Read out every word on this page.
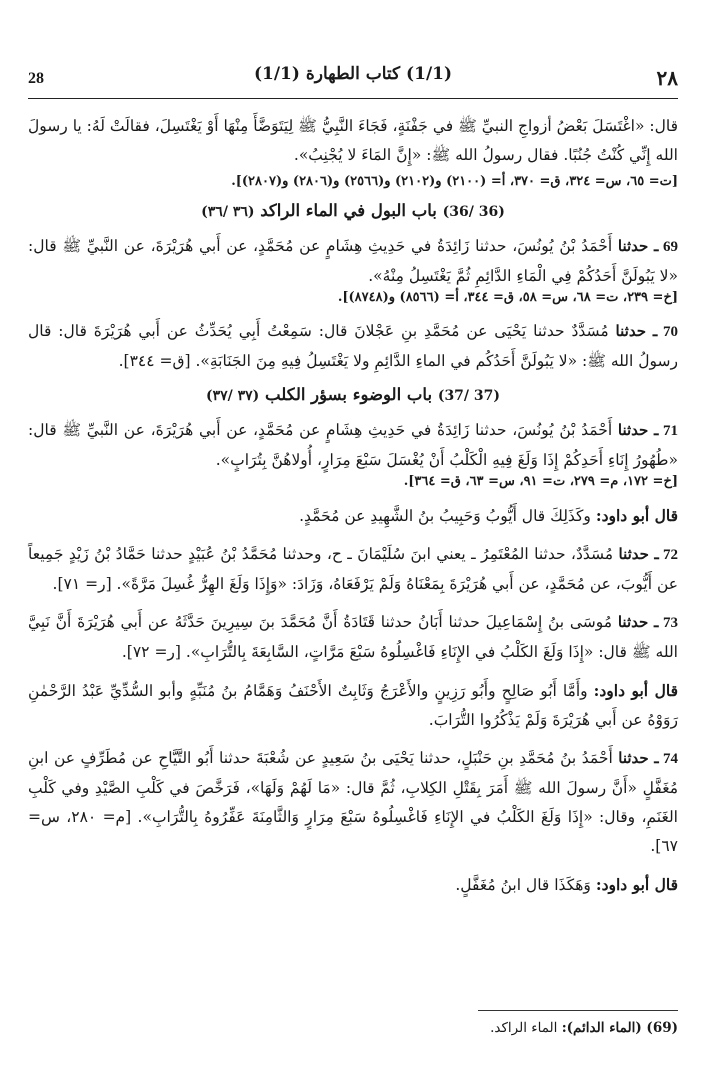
28	(1/1) كتاب الطهارة (1/1)	٢٨

قال: «اغْتَسَلَ بَعْضُ أزواجِ النبيِّ ﷺ في جَفْنَةٍ، فَجَاءَ النَّبِيُّ ﷺ لِيَتَوَضَّأَ مِنْهَا أَوْ يَغْتَسِلَ، فقالَتْ لَهُ: يا رسولَ الله إِنِّي كُنْتُ جُنُبًا. فقال رسولُ الله ﷺ: «إِنَّ المَاءَ لا يُجْنِبُ».

[ت= ٦٥، س= ٣٢٤، ق= ٣٧٠، أ= (٢١٠٠) و(٢١٠٢) و(٢٥٦٦) و(٢٨٠٦) و(٢٨٠٧)].
(36 /36) باب البول في الماء الراكد (٣٦ /٣٦)

69 ـ حدثنا أَحْمَدُ بْنُ يُونُسَ، حدثنا زَائِدَةُ في حَدِيثِ هِشَامٍ عن مُحَمَّدٍ، عن أَبي هُرَيْرَةَ، عن النَّبيِّ ﷺ قال: «لا يَبُولَنَّ أَحَدُكُمْ فِي الْمَاءِ الدَّائِمِ ثُمَّ يَغْتَسِلُ مِنْهُ».

[خ= ٢٣٩، ت= ٦٨، س= ٥٨، ق= ٣٤٤، أ= (٨٥٦٦) و(٨٧٤٨)].

70 ـ حدثنا مُسَدَّدٌ حدثنا يَحْيَى عن مُحَمَّدِ بنِ عَجْلانَ قال: سَمِعْتُ أَبِي يُحَدِّثُ عن أَبي هُرَيْرَةَ قال: قال رسولُ الله ﷺ: «لا يَبُولَنَّ أَحَدُكُم في الماءِ الدَّائِمِ ولا يَغْتَسِلُ فِيهِ مِنَ الجَنَابَةِ». [ق= ٣٤٤].

(37 /37) باب الوضوء بسؤر الكلب (٣٧ /٣٧)

71 ـ حدثنا أَحْمَدُ بْنُ يُونُسَ، حدثنا زَائِدَةُ في حَدِيثِ هِشَامٍ عن مُحَمَّدٍ، عن أَبي هُرَيْرَةَ، عن النَّبيِّ ﷺ قال: «طُهُورُ إِنَاءِ أَحَدِكُمْ إِذَا وَلَغَ فِيهِ الْكَلْبُ أَنْ يُغْسَلَ سَبْعَ مِرَارٍ، أُولاهُنَّ بِتُرَابٍ».

[خ= ١٧٢، م= ٢٧٩، ت= ٩١، س= ٦٣، ق= ٣٦٤].

قال أبو داود: وكَذَلِكَ قال أَيُّوبُ وَحَبِيبُ بنُ الشَّهِيدِ عن مُحَمَّدٍ.

72 ـ حدثنا مُسَدَّدٌ، حدثنا المُعْتَمِرُ ـ يعني ابنَ سُلَيْمَانَ ـ ح، وحدثنا مُحَمَّدُ بْنُ عُبَيْدٍ حدثنا حَمَّادُ بْنُ زَيْدٍ جَمِيعاً عن أَيُّوبَ، عن مُحَمَّدٍ، عن أَبي هُرَيْرَةَ بِمَعْنَاهُ وَلَمْ يَرْفَعَاهُ، وَزَادَ: «وَإِذَا وَلَغَ الهِرُّ غُسِلَ مَرَّةً». [ر= ٧١].

73 ـ حدثنا مُوسَى بنُ إِسْمَاعِيلَ حدثنا أَبَانُ حدثنا قَتَادَةُ أَنَّ مُحَمَّدَ بنَ سِيرِينَ حَدَّثَهُ عن أَبي هُرَيْرَةَ أَنَّ نَبِيَّ الله ﷺ قال: «إِذَا وَلَغَ الكَلْبُ في الإِنَاءِ فَاغْسِلُوهُ سَبْعَ مَرَّاتٍ، السَّابِعَةَ بِالتُّرَابِ». [ر= ٧٢].

قال أبو داود: وأَمَّا أَبُو صَالِحٍ وأَبُو رَزِينٍ والأَعْرَجُ وَثَابِتٌ الأَحْنَفُ وَهَمَّامُ بنُ مُنَبِّهٍ وأبو السُّدِّيِّ عَبْدُ الرَّحْمٰنِ رَوَوْهُ عن أَبي هُرَيْرَةَ وَلَمْ يَذْكُرُوا التُّرَابَ.

74 ـ حدثنا أَحْمَدُ بنُ مُحَمَّدِ بنِ حَنْبَلٍ، حدثنا يَحْيَى بنُ سَعِيدٍ عن شُعْبَةَ حدثنا أَبُو التَّيَّاحِ عن مُطَرِّفٍ عن ابنِ مُغَفَّلٍ «أَنَّ رسولَ الله ﷺ أَمَرَ بِقَتْلِ الكِلابِ، ثُمَّ قال: «مَا لَهُمْ وَلَهَا»، فَرَخَّصَ في كَلْبِ الصَّيْدِ وفي كَلْبِ الغَنَمِ، وقال: «إِذَا وَلَغَ الكَلْبُ في الإِنَاءِ فَاغْسِلُوهُ سَبْعَ مِرَارٍ وَالثَّامِنَةَ عَفِّرُوهُ بِالتُّرَابِ». [م= ٢٨٠، س= ٦٧].

قال أبو داود: وَهَكَذَا قال ابنُ مُغَفَّلٍ.

(69) (الماء الدائم): الماء الراكد.
